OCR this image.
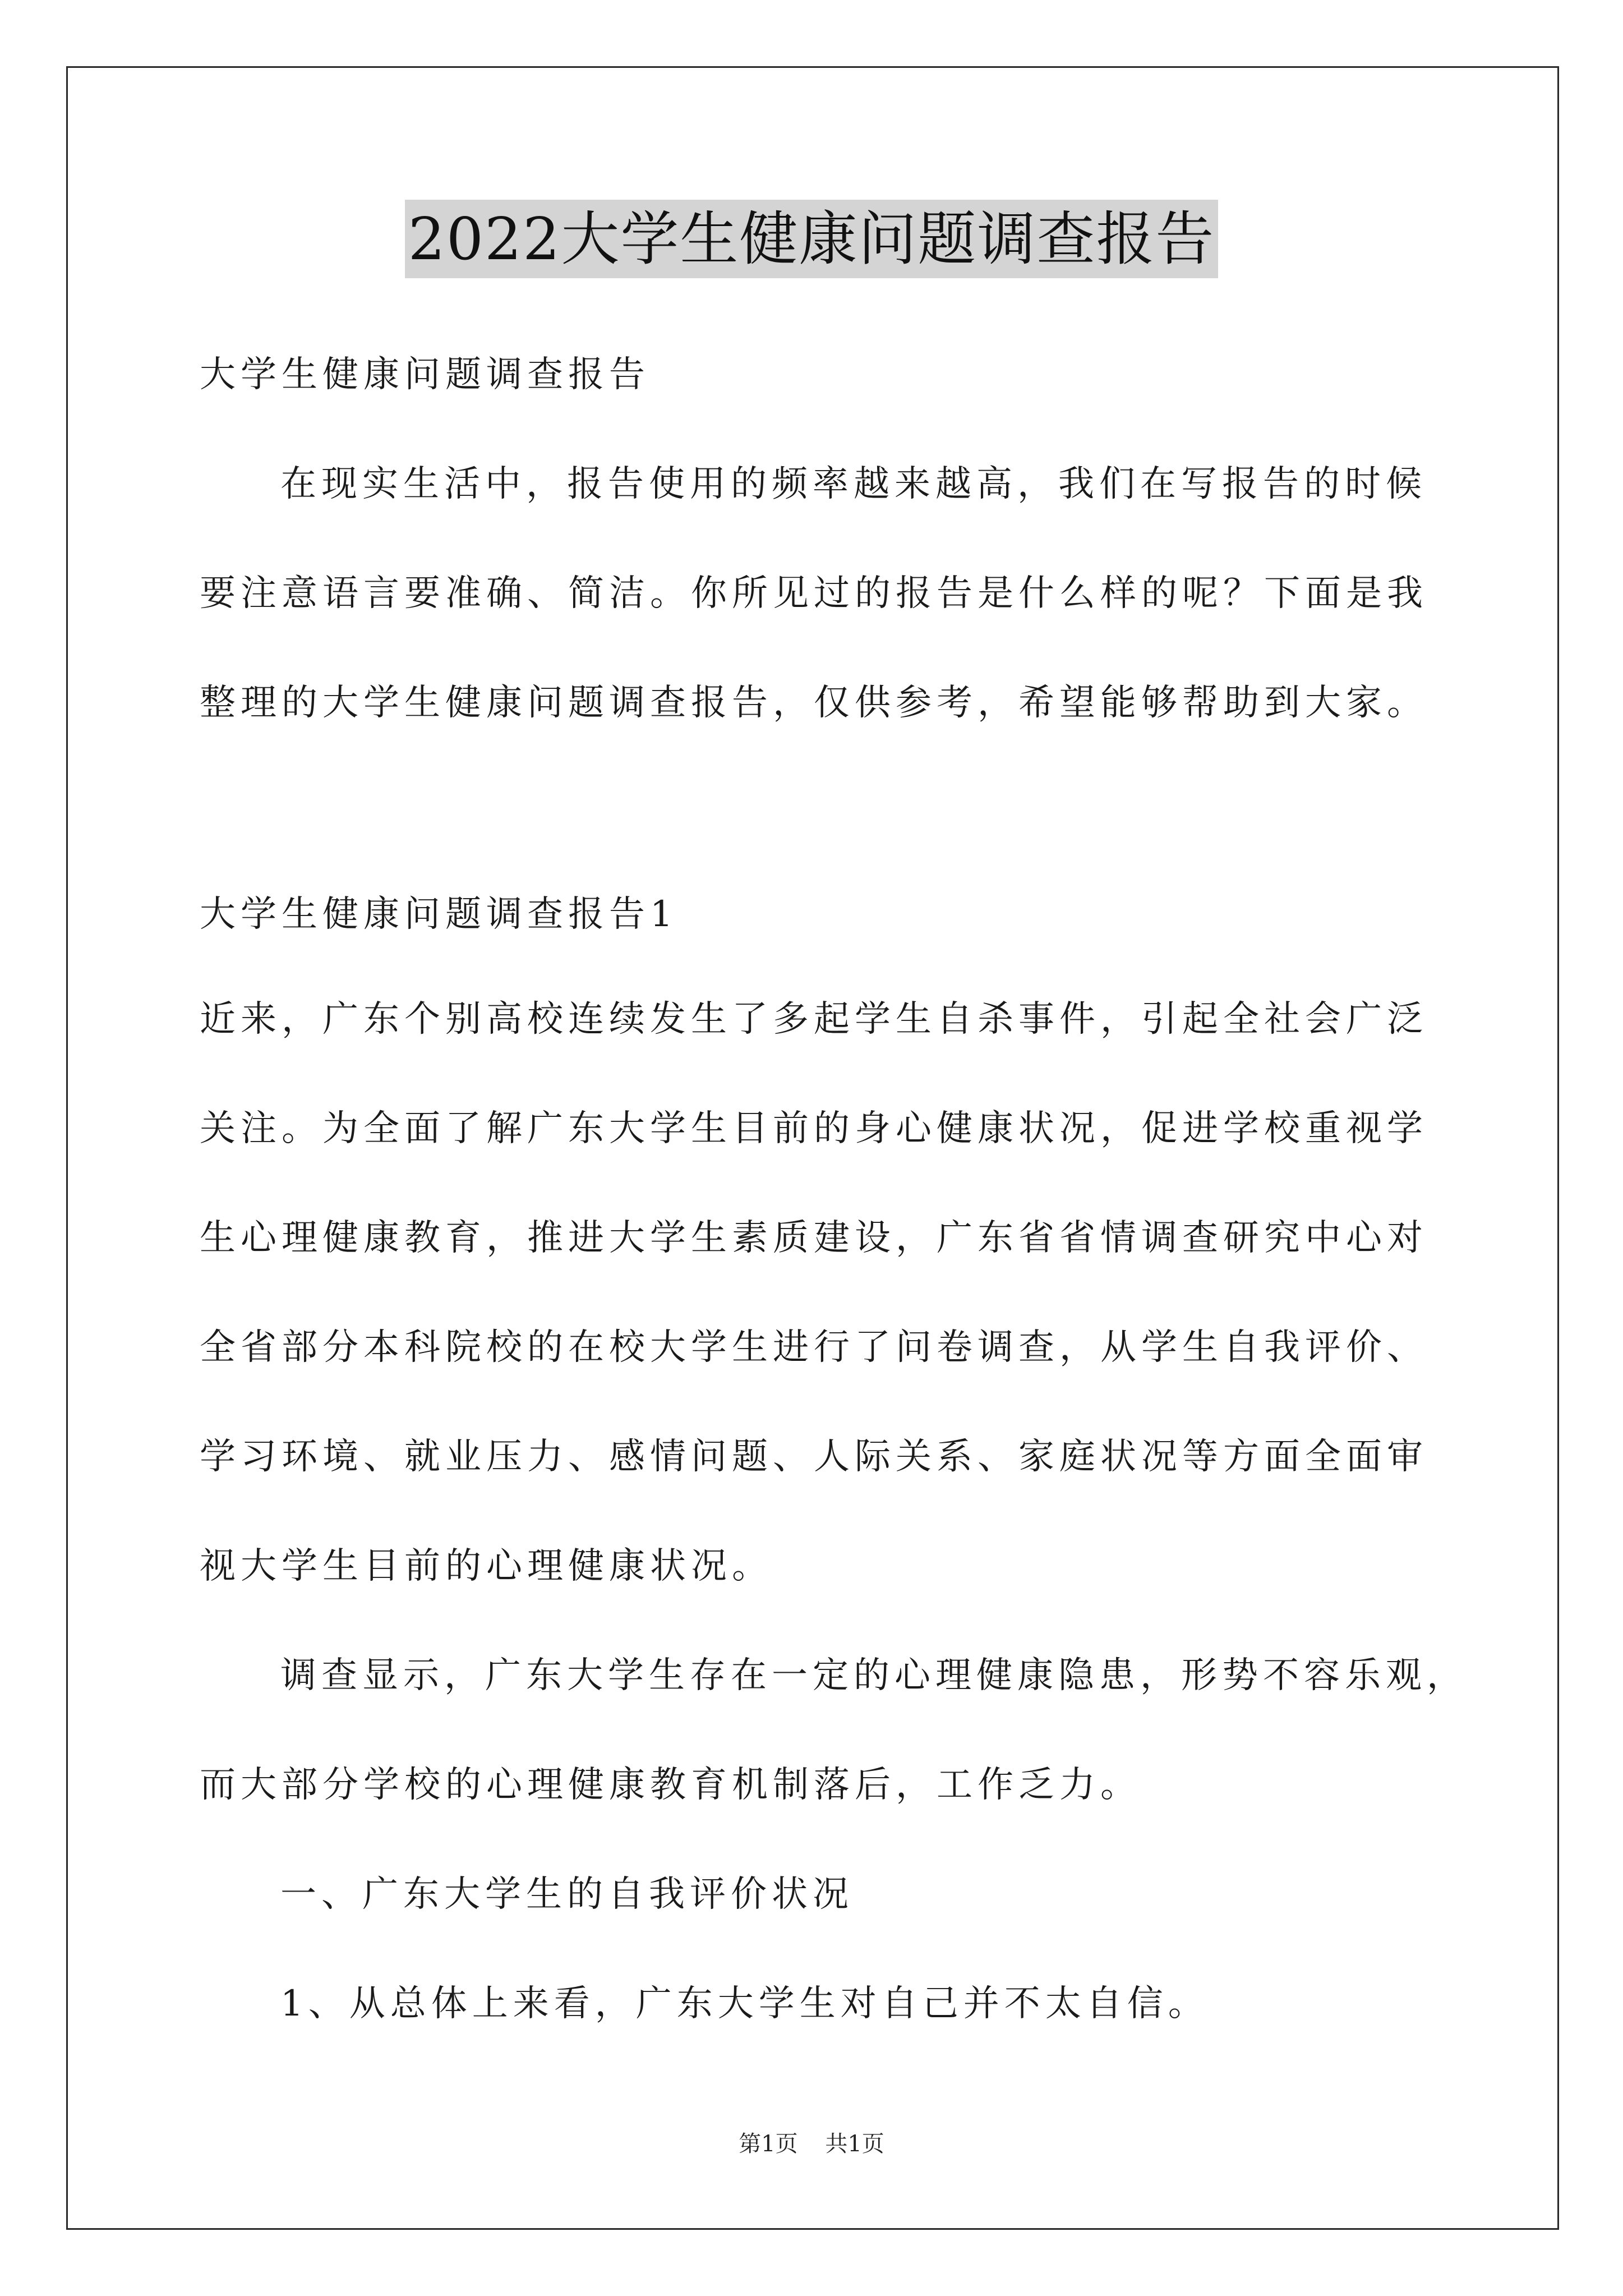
2022大学生健康问题调查报告
大学生健康问题调查报告
在现实生活中，报告使用的频率越来越高，我们在写报告的时候
要注意语言要准确、简洁。你所见过的报告是什么样的呢？下面是我
整理的大学生健康问题调查报告，仅供参考，希望能够帮助到大家。
大学生健康问题调查报告1
近来，广东个别高校连续发生了多起学生自杀事件，引起全社会广泛
关注。为全面了解广东大学生目前的身心健康状况，促进学校重视学
生心理健康教育，推进大学生素质建设，广东省省情调查研究中心对
全省部分本科院校的在校大学生进行了问卷调查，从学生自我评价、
学习环境、就业压力、感情问题、人际关系、家庭状况等方面全面审
视大学生目前的心理健康状况。
调查显示，广东大学生存在一定的心理健康隐患，形势不容乐观，
而大部分学校的心理健康教育机制落后，工作乏力。
一、广东大学生的自我评价状况
1、从总体上来看，广东大学生对自己并不太自信。
第1页 共1页
